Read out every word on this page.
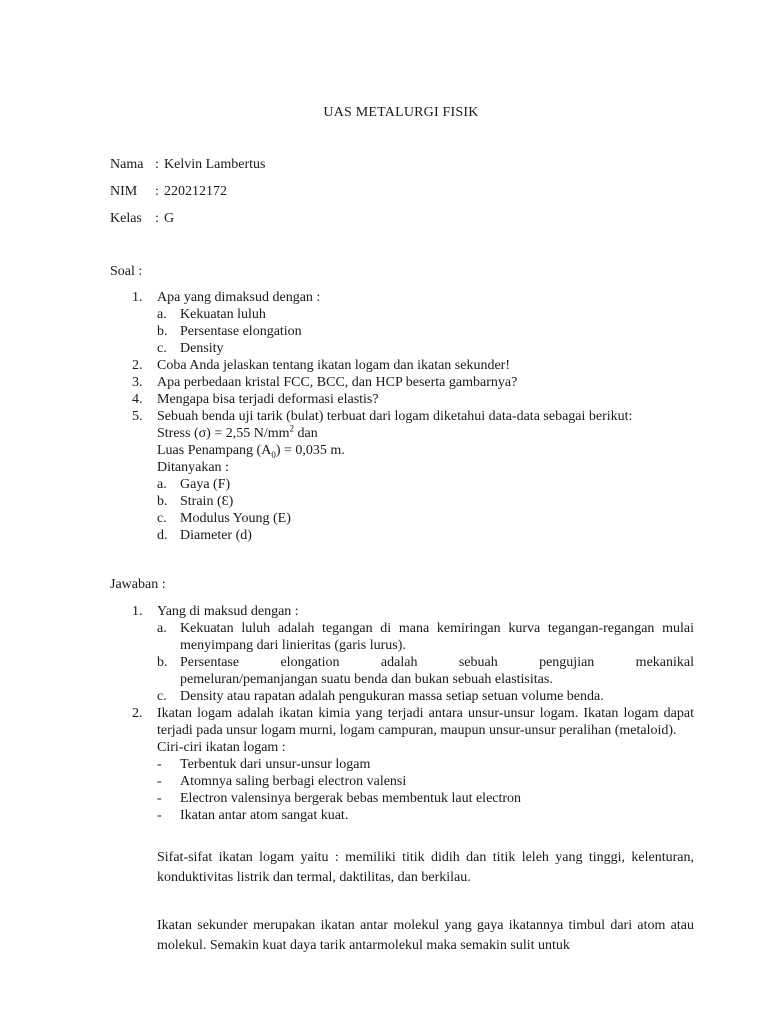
UAS METALURGI FISIK
Nama : Kelvin Lambertus
NIM : 220212172
Kelas : G
Soal :
1. Apa yang dimaksud dengan :
a. Kekuatan luluh
b. Persentase elongation
c. Density
2. Coba Anda jelaskan tentang ikatan logam dan ikatan sekunder!
3. Apa perbedaan kristal FCC, BCC, dan HCP beserta gambarnya?
4. Mengapa bisa terjadi deformasi elastis?
5. Sebuah benda uji tarik (bulat) terbuat dari logam diketahui data-data sebagai berikut:
Stress (σ) = 2,55 $N/mm^2$ dan
Luas Penampang $(A_0) = 0,035$ m.
Ditanyakan :
a. Gaya (F)
b. Strain (Ɛ)
c. Modulus Young (E)
d. Diameter (d)
Jawaban :
1. Yang di maksud dengan :
a. Kekuatan luluh adalah tegangan di mana kemiringan kurva tegangan-regangan mulai menyimpang dari linieritas (garis lurus).
b. Persentase elongation adalah sebuah pengujian mekanikal
pemeluran/pemanjangan suatu benda dan bukan sebuah elastisitas.
c. Density atau rapatan adalah pengukuran massa setiap setuan volume benda.
2. Ikatan logam adalah ikatan kimia yang terjadi antara unsur-unsur logam. Ikatan logam dapat terjadi pada unsur logam murni, logam campuran, maupun unsur-unsur peralihan (metaloid).
Ciri-ciri ikatan logam :
- Terbentuk dari unsur-unsur logam
- Atomnya saling berbagi electron valensi
- Electron valensinya bergerak bebas membentuk laut electron
- Ikatan antar atom sangat kuat.
Sifat-sifat ikatan logam yaitu : memiliki titik didih dan titik leleh yang tinggi, kelenturan, konduktivitas listrik dan termal, daktilitas, dan berkilau.
Ikatan sekunder merupakan ikatan antar molekul yang gaya ikatannya timbul dari atom atau molekul. Semakin kuat daya tarik antarmolekul maka semakin sulit untuk
